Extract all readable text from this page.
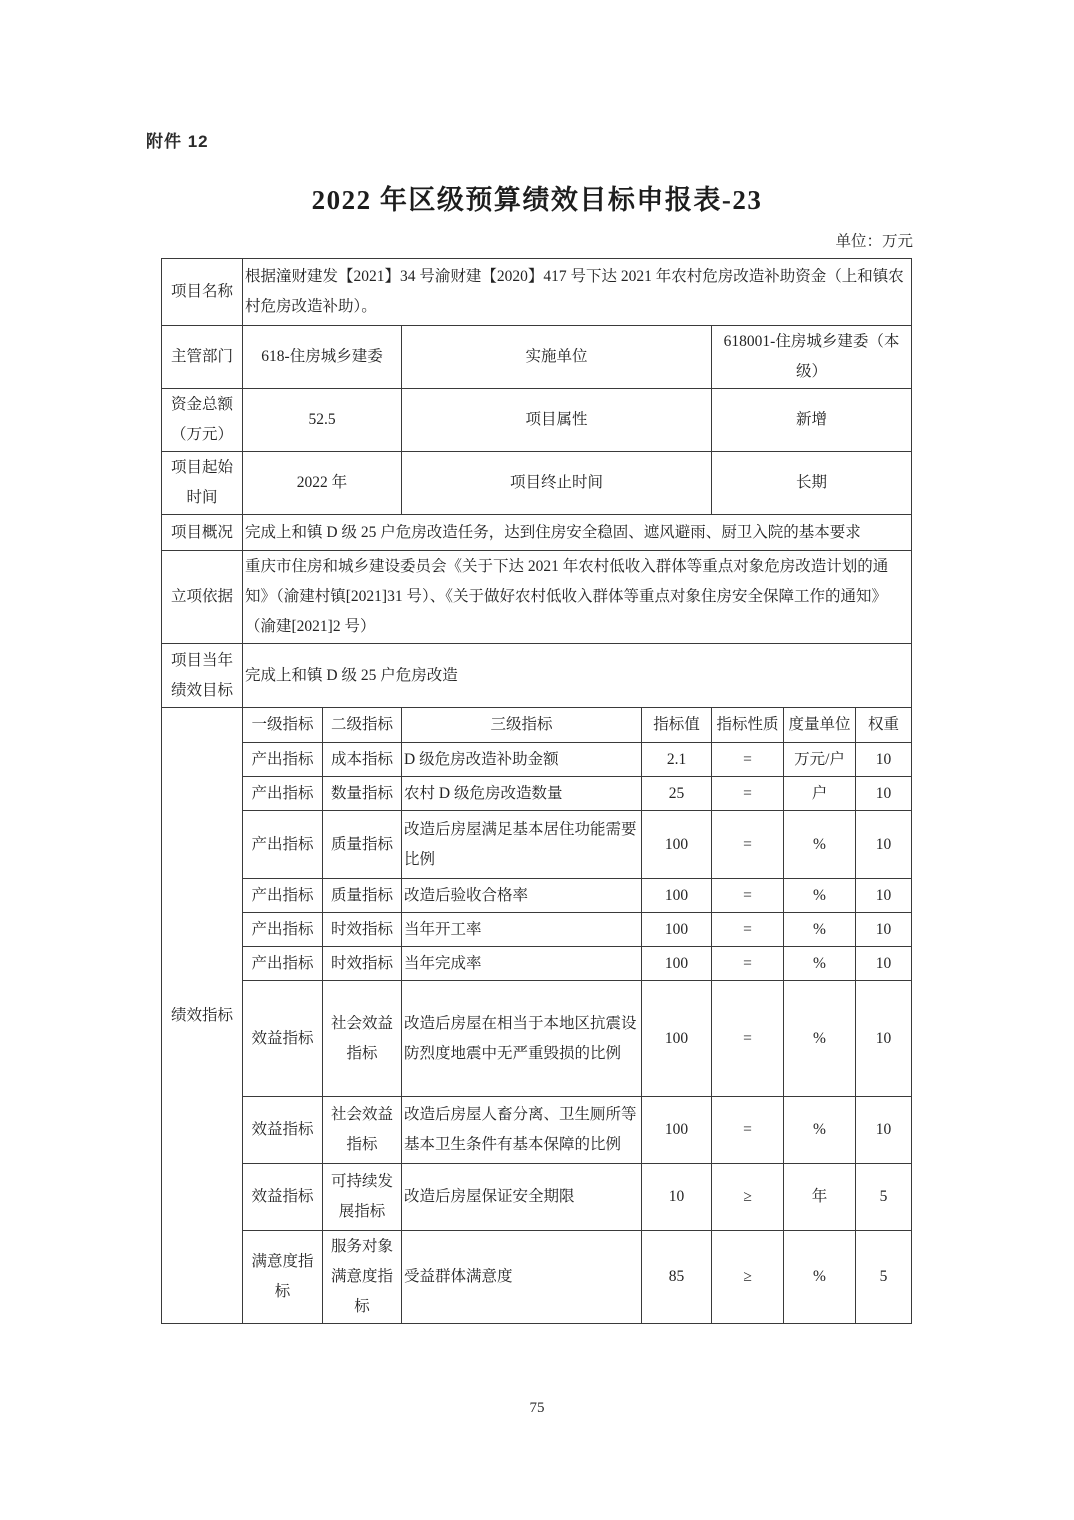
附件 12
2022 年区级预算绩效目标申报表-23
单位：万元
项目名称	根据潼财建发【2021】34 号渝财建【2020】417 号下达 2021 年农村危房改造补助资金（上和镇农村危房改造补助）。						
主管部门	618-住房城乡建委		实施单位		618001-住房城乡建委（本级）		
资金总额（万元）	52.5		项目属性		新增		
项目起始时间	2022 年		项目终止时间		长期		
项目概况	完成上和镇 D 级 25 户危房改造任务，达到住房安全稳固、遮风避雨、厨卫入院的基本要求						
立项依据	重庆市住房和城乡建设委员会《关于下达 2021 年农村低收入群体等重点对象危房改造计划的通知》（渝建村镇[2021]31 号）、《关于做好农村低收入群体等重点对象住房安全保障工作的通知》（渝建[2021]2 号）						
项目当年绩效目标	完成上和镇 D 级 25 户危房改造						
绩效指标	一级指标	二级指标	三级指标	指标值	指标性质	度量单位	权重
	产出指标	成本指标	D 级危房改造补助金额	2.1	=	万元/户	10
	产出指标	数量指标	农村 D 级危房改造数量	25	=	户	10
	产出指标	质量指标	改造后房屋满足基本居住功能需要比例	100	=	%	10
	产出指标	质量指标	改造后验收合格率	100	=	%	10
	产出指标	时效指标	当年开工率	100	=	%	10
	产出指标	时效指标	当年完成率	100	=	%	10
	效益指标	社会效益指标	改造后房屋在相当于本地区抗震设防烈度地震中无严重毁损的比例	100	=	%	10
	效益指标	社会效益指标	改造后房屋人畜分离、卫生厕所等基本卫生条件有基本保障的比例	100	=	%	10
	效益指标	可持续发展指标	改造后房屋保证安全期限	10	≥	年	5
	满意度指标	服务对象满意度指标	受益群体满意度	85	≥	%	5
75
